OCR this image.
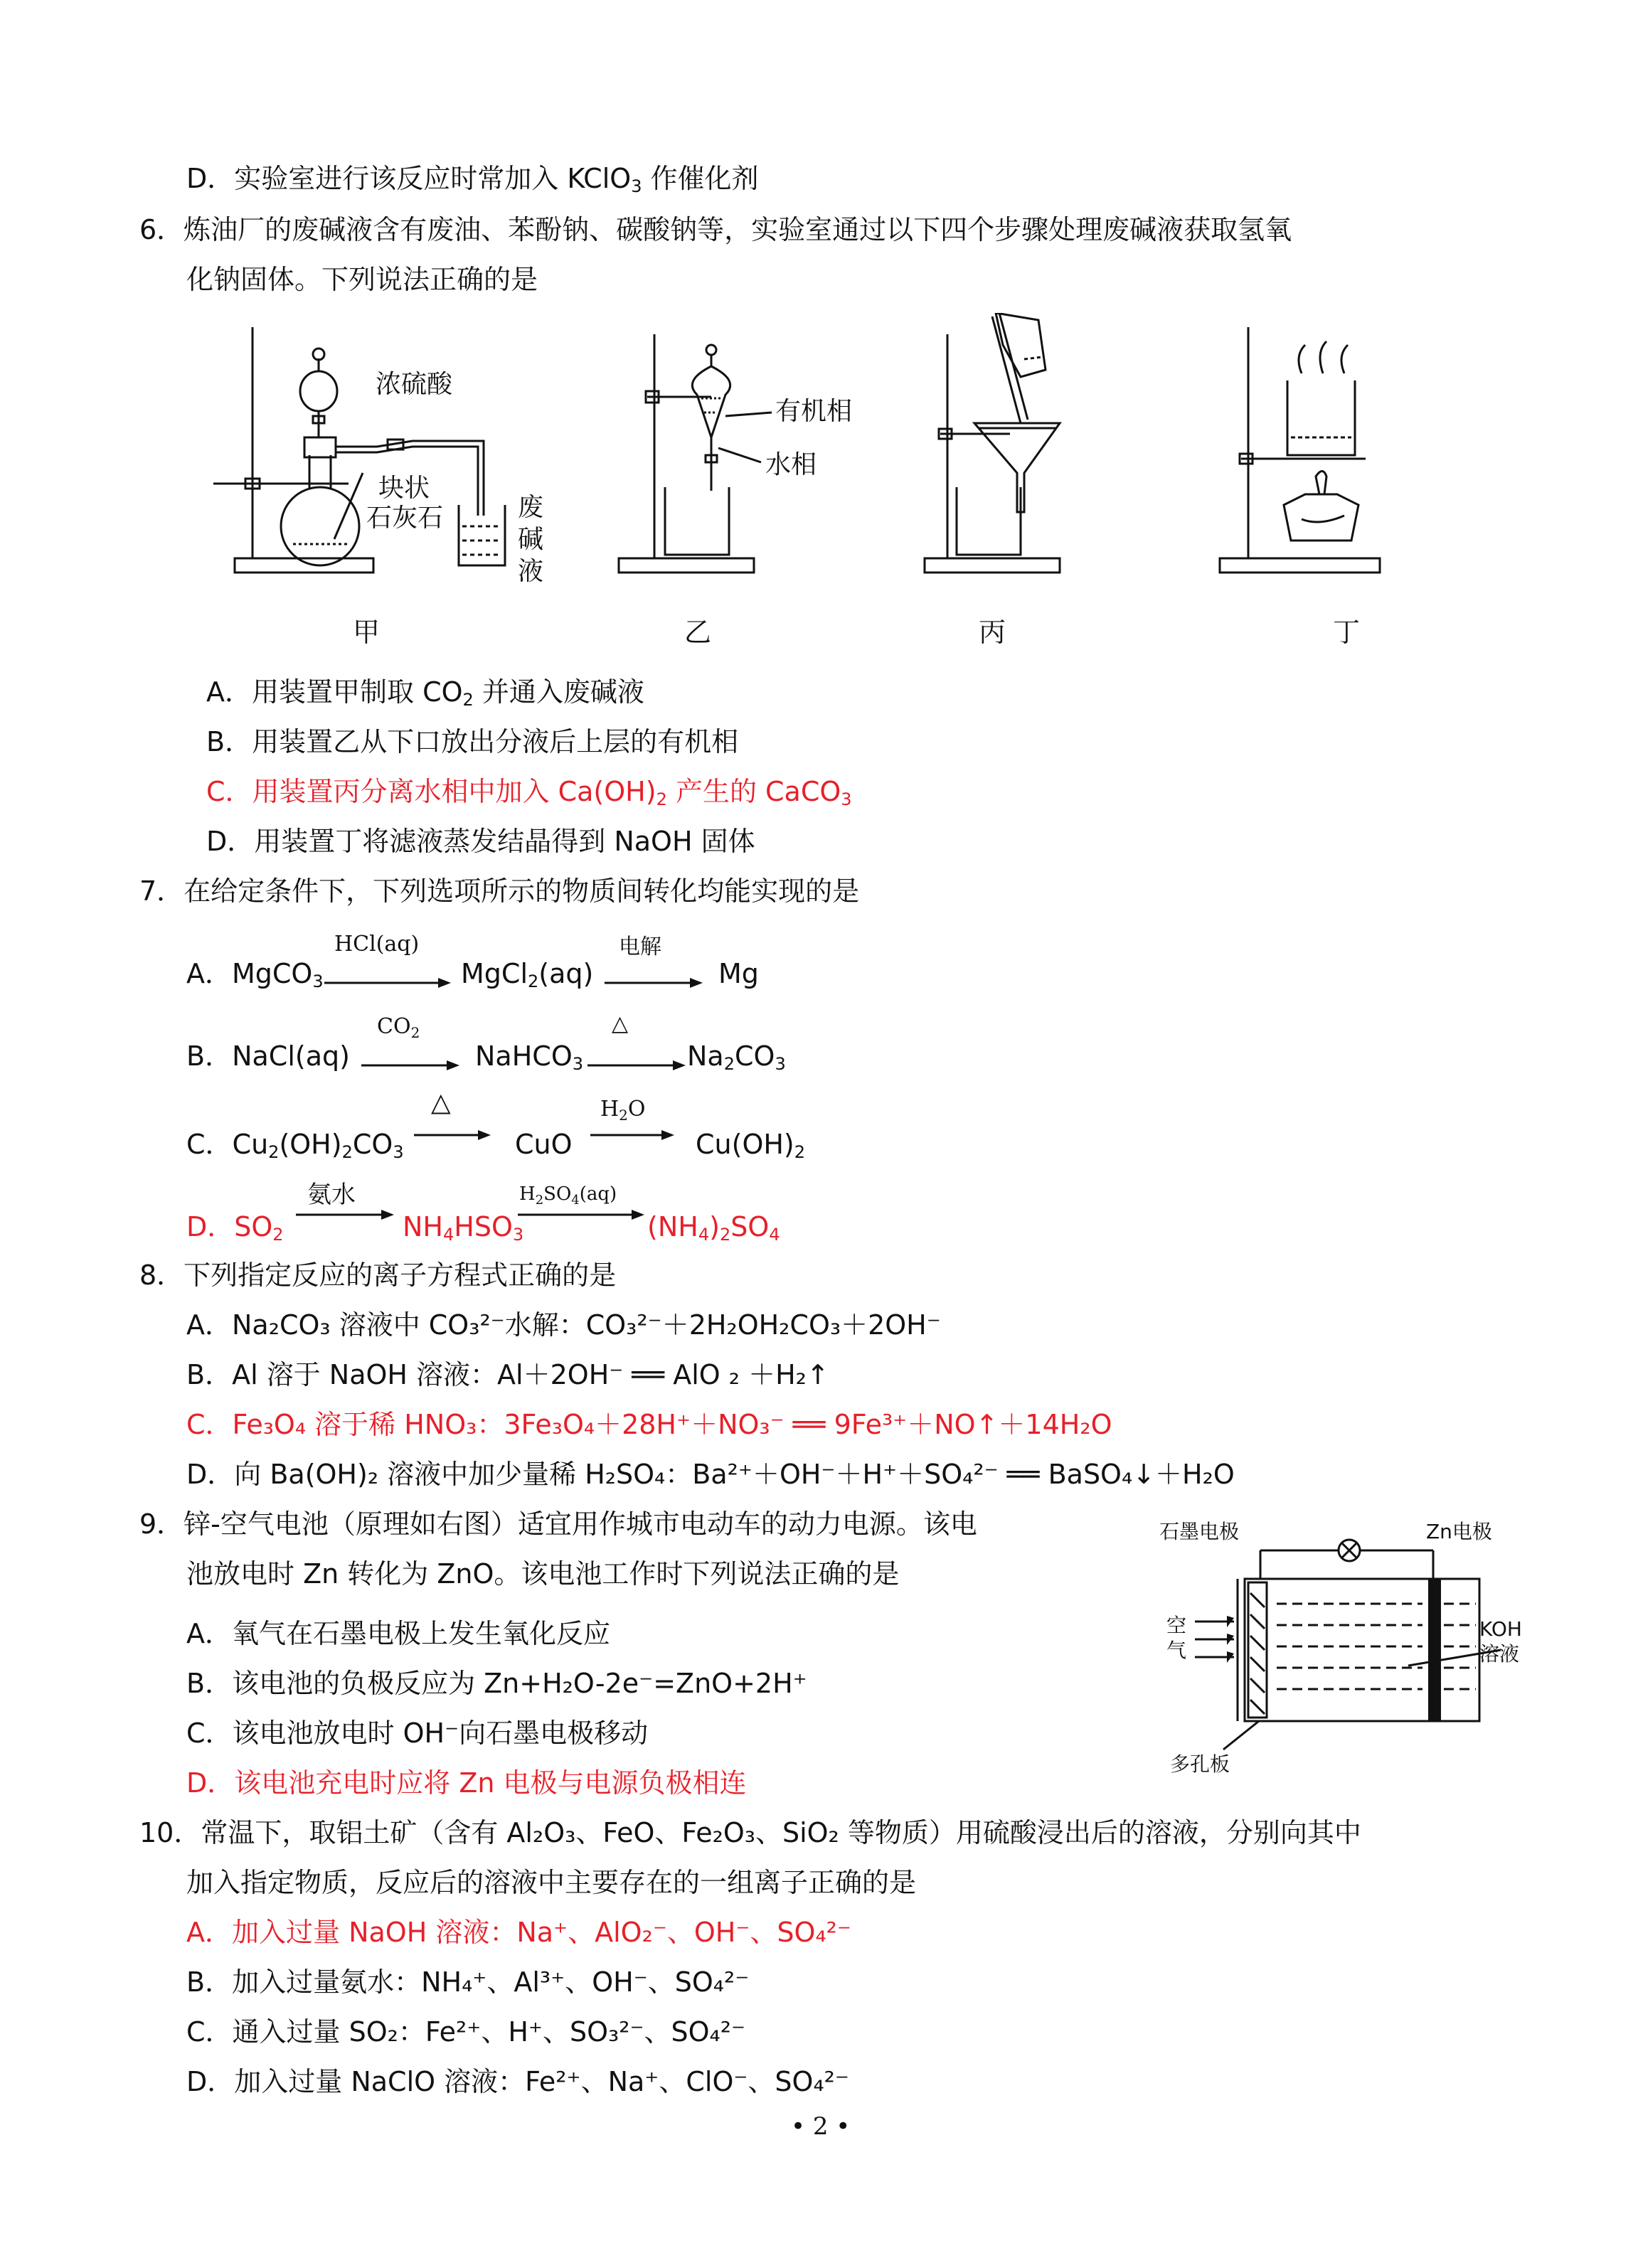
D．实验室进行该反应时常加入 KClO$_3$ 作催化剂
6．炼油厂的废碱液含有废油、苯酚钠、碳酸钠等，实验室通过以下四个步骤处理废碱液获取氢氧
化钠固体。下列说法正确的是
浓硫酸
块状
石灰石	废
碱
液
有机相
水相
甲	乙	丙	丁
A．用装置甲制取 $CO_2$ 并通入废碱液
B．用装置乙从下口放出分液后上层的有机相
C．用装置丙分离水相中加入 $Ca(OH)_2$ 产生的 CaCO$_3$
D．用装置丁将滤液蒸发结晶得到 NaOH 固体
7．在给定条件下，下列选项所示的物质间转化均能实现的是
A．MgCO$_3$
HCl(aq)
MgCl$_2$(aq)
电解
Mg
B．NaCl(aq)
$CO_2$
NaHCO$_3$
△
$Na_2CO_3$
C．$Cu_2(OH)_2CO_3$
△
CuO
$H_2O$
$Cu(OH)_2$
D．$SO_2$
氨水
$NH_4HSO_3$
$H_2SO_4(aq)$
$(NH_4)_2SO_4$
8．下列指定反应的离子方程式正确的是
A．Na₂CO₃ 溶液中 CO₃²⁻水解：CO₃²⁻＋2H₂OH₂CO₃＋2OH⁻
B．Al 溶于 NaOH 溶液：Al＋2OH⁻ ══ AlO ₂ ＋H₂↑
C．Fe₃O₄ 溶于稀 HNO₃：3Fe₃O₄＋28H⁺＋NO₃⁻ ══ 9Fe³⁺＋NO↑＋14H₂O
D．向 Ba(OH)₂ 溶液中加少量稀 H₂SO₄：Ba²⁺＋OH⁻＋H⁺＋SO₄²⁻ ══ BaSO₄↓＋H₂O
9．锌-空气电池（原理如右图）适宜用作城市电动车的动力电源。该电
池放电时 Zn 转化为 ZnO。该电池工作时下列说法正确的是
A．氧气在石墨电极上发生氧化反应
B．该电池的负极反应为 Zn+H₂O-2e⁻=ZnO+2H⁺
C．该电池放电时 OH⁻向石墨电极移动
D．该电池充电时应将 Zn 电极与电源负极相连
石墨电极	Zn电极
空
气
KOH
溶液
多孔板
10．常温下，取铝土矿（含有 Al₂O₃、FeO、Fe₂O₃、SiO₂ 等物质）用硫酸浸出后的溶液，分别向其中
加入指定物质，反应后的溶液中主要存在的一组离子正确的是
A．加入过量 NaOH 溶液：Na⁺、AlO₂⁻、OH⁻、SO₄²⁻
B．加入过量氨水：NH₄⁺、Al³⁺、OH⁻、SO₄²⁻
C．通入过量 SO₂：Fe²⁺、H⁺、SO₃²⁻、SO₄²⁻
D．加入过量 NaClO 溶液：Fe²⁺、Na⁺、ClO⁻、SO₄²⁻
• 2 •
